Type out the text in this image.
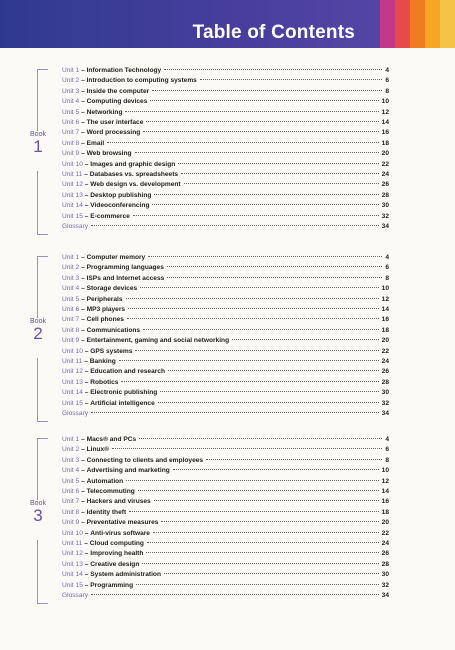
Table of Contents
Book
1
Unit 1 – Information Technology	4
Unit 2 – Introduction to computing systems	6
Unit 3 – Inside the computer	8
Unit 4 – Computing devices	10
Unit 5 – Networking	12
Unit 6 – The user interface	14
Unit 7 – Word processing	16
Unit 8 – Email	18
Unit 9 – Web browsing	20
Unit 10 – Images and graphic design	22
Unit 11 – Databases vs. spreadsheets	24
Unit 12 – Web design vs. development	26
Unit 13 – Desktop publishing	28
Unit 14 – Videoconferencing	30
Unit 15 – E-commerce	32
Glossary	34
Book
2
Unit 1 – Computer memory	4
Unit 2 – Programming languages	6
Unit 3 – ISPs and Internet access	8
Unit 4 – Storage devices	10
Unit 5 – Peripherals	12
Unit 6 – MP3 players	14
Unit 7 – Cell phones	16
Unit 8 – Communications	18
Unit 9 – Entertainment, gaming and social networking	20
Unit 10 – GPS systems	22
Unit 11 – Banking	24
Unit 12 – Education and research	26
Unit 13 – Robotics	28
Unit 14 – Electronic publishing	30
Unit 15 – Artificial intelligence	32
Glossary	34
Book
3
Unit 1 – Macs® and PCs	4
Unit 2 – Linux®	6
Unit 3 – Connecting to clients and employees	8
Unit 4 – Advertising and marketing	10
Unit 5 – Automation	12
Unit 6 – Telecommuting	14
Unit 7 – Hackers and viruses	16
Unit 8 – Identity theft	18
Unit 9 – Preventative measures	20
Unit 10 – Anti-virus software	22
Unit 11 – Cloud computing	24
Unit 12 – Improving health	26
Unit 13 – Creative design	28
Unit 14 – System administration	30
Unit 15 – Programming	32
Glossary	34
